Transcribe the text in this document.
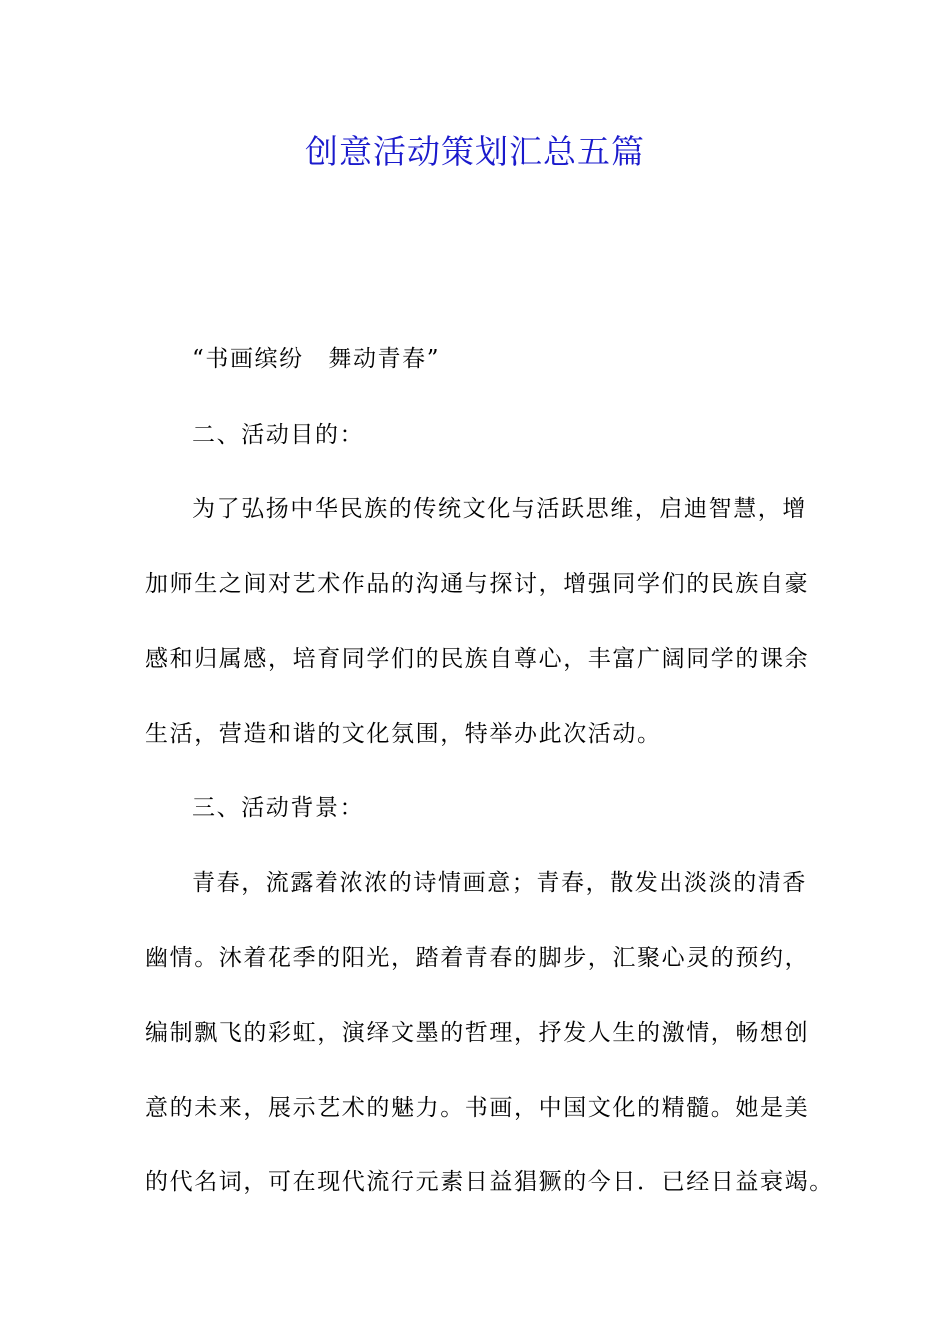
创意活动策划汇总五篇
“书画缤纷　舞动青春”
二、活动目的：
为了弘扬中华民族的传统文化与活跃思维，启迪智慧，增
加师生之间对艺术作品的沟通与探讨，增强同学们的民族自豪
感和归属感，培育同学们的民族自尊心，丰富广阔同学的课余
生活，营造和谐的文化氛围，特举办此次活动。
三、活动背景：
青春，流露着浓浓的诗情画意；青春，散发出淡淡的清香
幽情。沐着花季的阳光，踏着青春的脚步，汇聚心灵的预约，
编制飘飞的彩虹，演绎文墨的哲理，抒发人生的激情，畅想创
意的未来，展示艺术的魅力。书画，中国文化的精髓。她是美
的代名词，可在现代流行元素日益猖獗的今日．已经日益衰竭。
